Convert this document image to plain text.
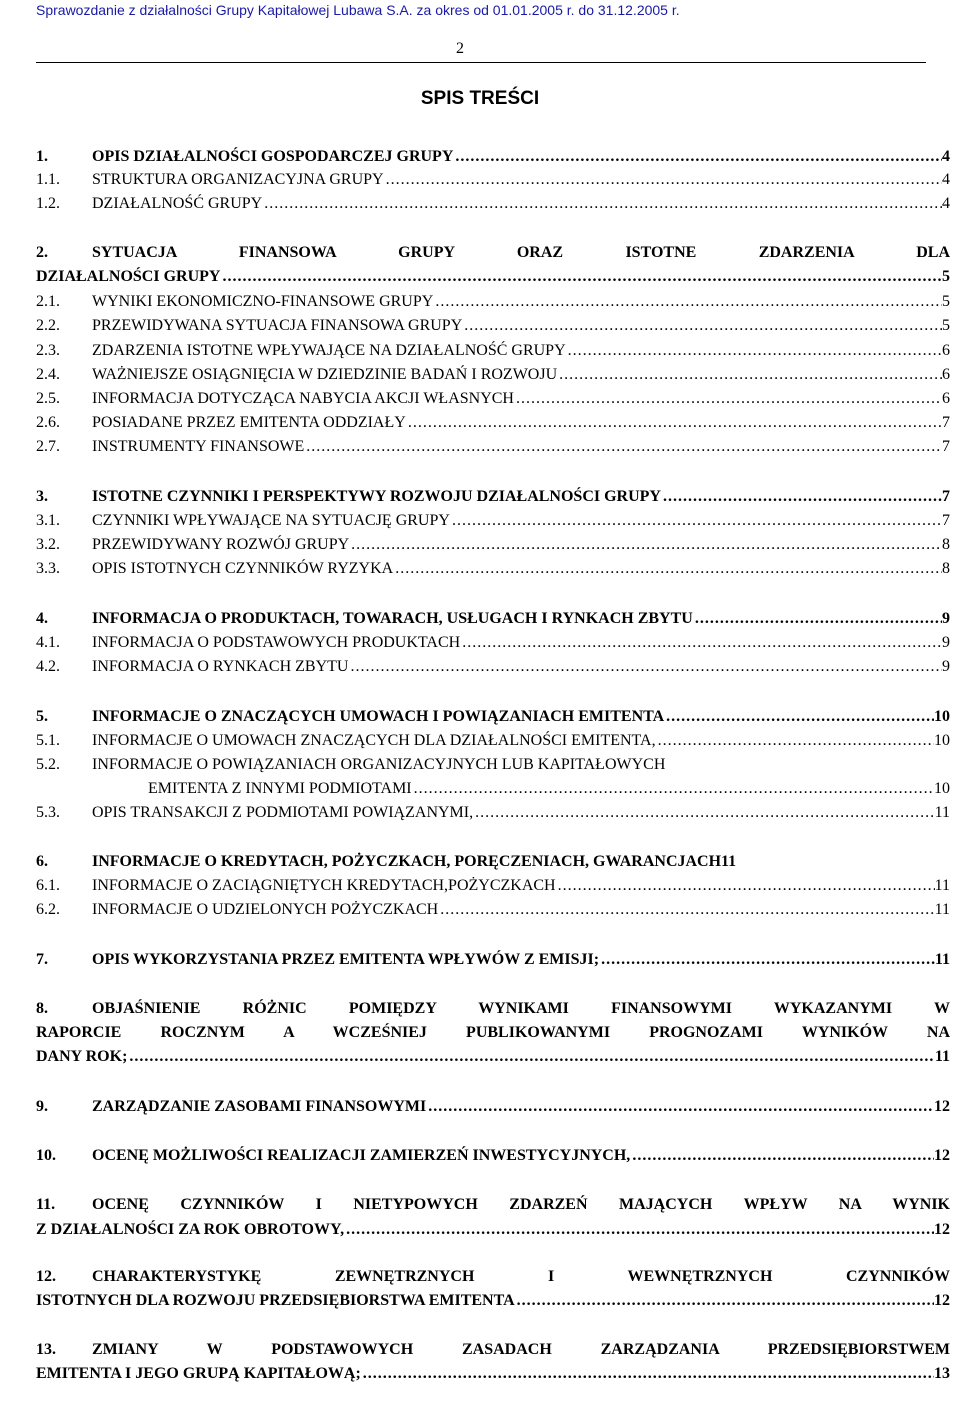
Sprawozdanie z działalności Grupy Kapitałowej Lubawa S.A. za okres od 01.01.2005 r. do 31.12.2005 r.
2
SPIS TREŚCI
1.	OPIS DZIAŁALNOŚCI GOSPODARCZEJ GRUPY .....	4
1.1.	STRUKTURA ORGANIZACYJNA GRUPY .....	4
1.2.	DZIAŁALNOŚĆ GRUPY .....	4
2.	SYTUACJA FINANSOWA GRUPY ORAZ ISTOTNE ZDARZENIA DLA
DZIAŁALNOŚCI GRUPY .....	5
2.1.	WYNIKI EKONOMICZNO-FINANSOWE GRUPY .....	5
2.2.	PRZEWIDYWANA SYTUACJA FINANSOWA GRUPY .....	5
2.3.	ZDARZENIA ISTOTNE WPŁYWAJĄCE NA DZIAŁALNOŚĆ GRUPY .....	6
2.4.	WAŻNIEJSZE OSIĄGNIĘCIA W DZIEDZINIE BADAŃ I ROZWOJU .....	6
2.5.	INFORMACJA DOTYCZĄCA NABYCIA AKCJI WŁASNYCH .....	6
2.6.	POSIADANE PRZEZ EMITENTA ODDZIAŁY .....	7
2.7.	INSTRUMENTY FINANSOWE .....	7
3.	ISTOTNE CZYNNIKI I PERSPEKTYWY ROZWOJU DZIAŁALNOŚCI GRUPY .....	7
3.1.	CZYNNIKI WPŁYWAJĄCE NA SYTUACJĘ GRUPY .....	7
3.2.	PRZEWIDYWANY ROZWÓJ GRUPY .....	8
3.3.	OPIS ISTOTNYCH CZYNNIKÓW RYZYKA .....	8
4.	INFORMACJA O PRODUKTACH, TOWARACH, USŁUGACH I RYNKACH ZBYTU .....	9
4.1.	INFORMACJA O PODSTAWOWYCH PRODUKTACH .....	9
4.2.	INFORMACJA O RYNKACH ZBYTU .....	9
5.	INFORMACJE O ZNACZĄCYCH UMOWACH I POWIĄZANIACH EMITENTA .....	10
5.1.	INFORMACJE O UMOWACH ZNACZĄCYCH DLA DZIAŁALNOŚCI EMITENTA, .....	10
5.2.	INFORMACJE O POWIĄZANIACH ORGANIZACYJNYCH LUB KAPITAŁOWYCH
EMITENTA Z INNYMI PODMIOTAMI .....	10
5.3.	OPIS TRANSAKCJI Z PODMIOTAMI POWIĄZANYMI, .....	11
6.	INFORMACJE O KREDYTACH, POŻYCZKACH, PORĘCZENIACH, GWARANCJACH11
6.1.	INFORMACJE O ZACIĄGNIĘTYCH KREDYTACH,POŻYCZKACH .....	11
6.2.	INFORMACJE O UDZIELONYCH POŻYCZKACH .....	11
7.	OPIS WYKORZYSTANIA PRZEZ EMITENTA WPŁYWÓW Z EMISJI; .....	11
8.	OBJAŚNIENIE RÓŻNIC POMIĘDZY WYNIKAMI FINANSOWYMI WYKAZANYMI W
RAPORCIE ROCZNYM A WCZEŚNIEJ PUBLIKOWANYMI PROGNOZAMI WYNIKÓW NA
DANY ROK; .....	11
9.	ZARZĄDZANIE ZASOBAMI FINANSOWYMI .....	12
10.	OCENĘ MOŻLIWOŚCI REALIZACJI ZAMIERZEŃ INWESTYCYJNYCH, .....	12
11.	OCENĘ CZYNNIKÓW I NIETYPOWYCH ZDARZEŃ MAJĄCYCH WPŁYW NA WYNIK
Z DZIAŁALNOŚCI ZA ROK OBROTOWY, .....	12
12.	CHARAKTERYSTYKĘ ZEWNĘTRZNYCH I WEWNĘTRZNYCH CZYNNIKÓW
ISTOTNYCH DLA ROZWOJU PRZEDSIĘBIORSTWA EMITENTA .....	12
13.	ZMIANY W PODSTAWOWYCH ZASADACH ZARZĄDZANIA PRZEDSIĘBIORSTWEM
EMITENTA I JEGO GRUPĄ KAPITAŁOWĄ; .....	13
